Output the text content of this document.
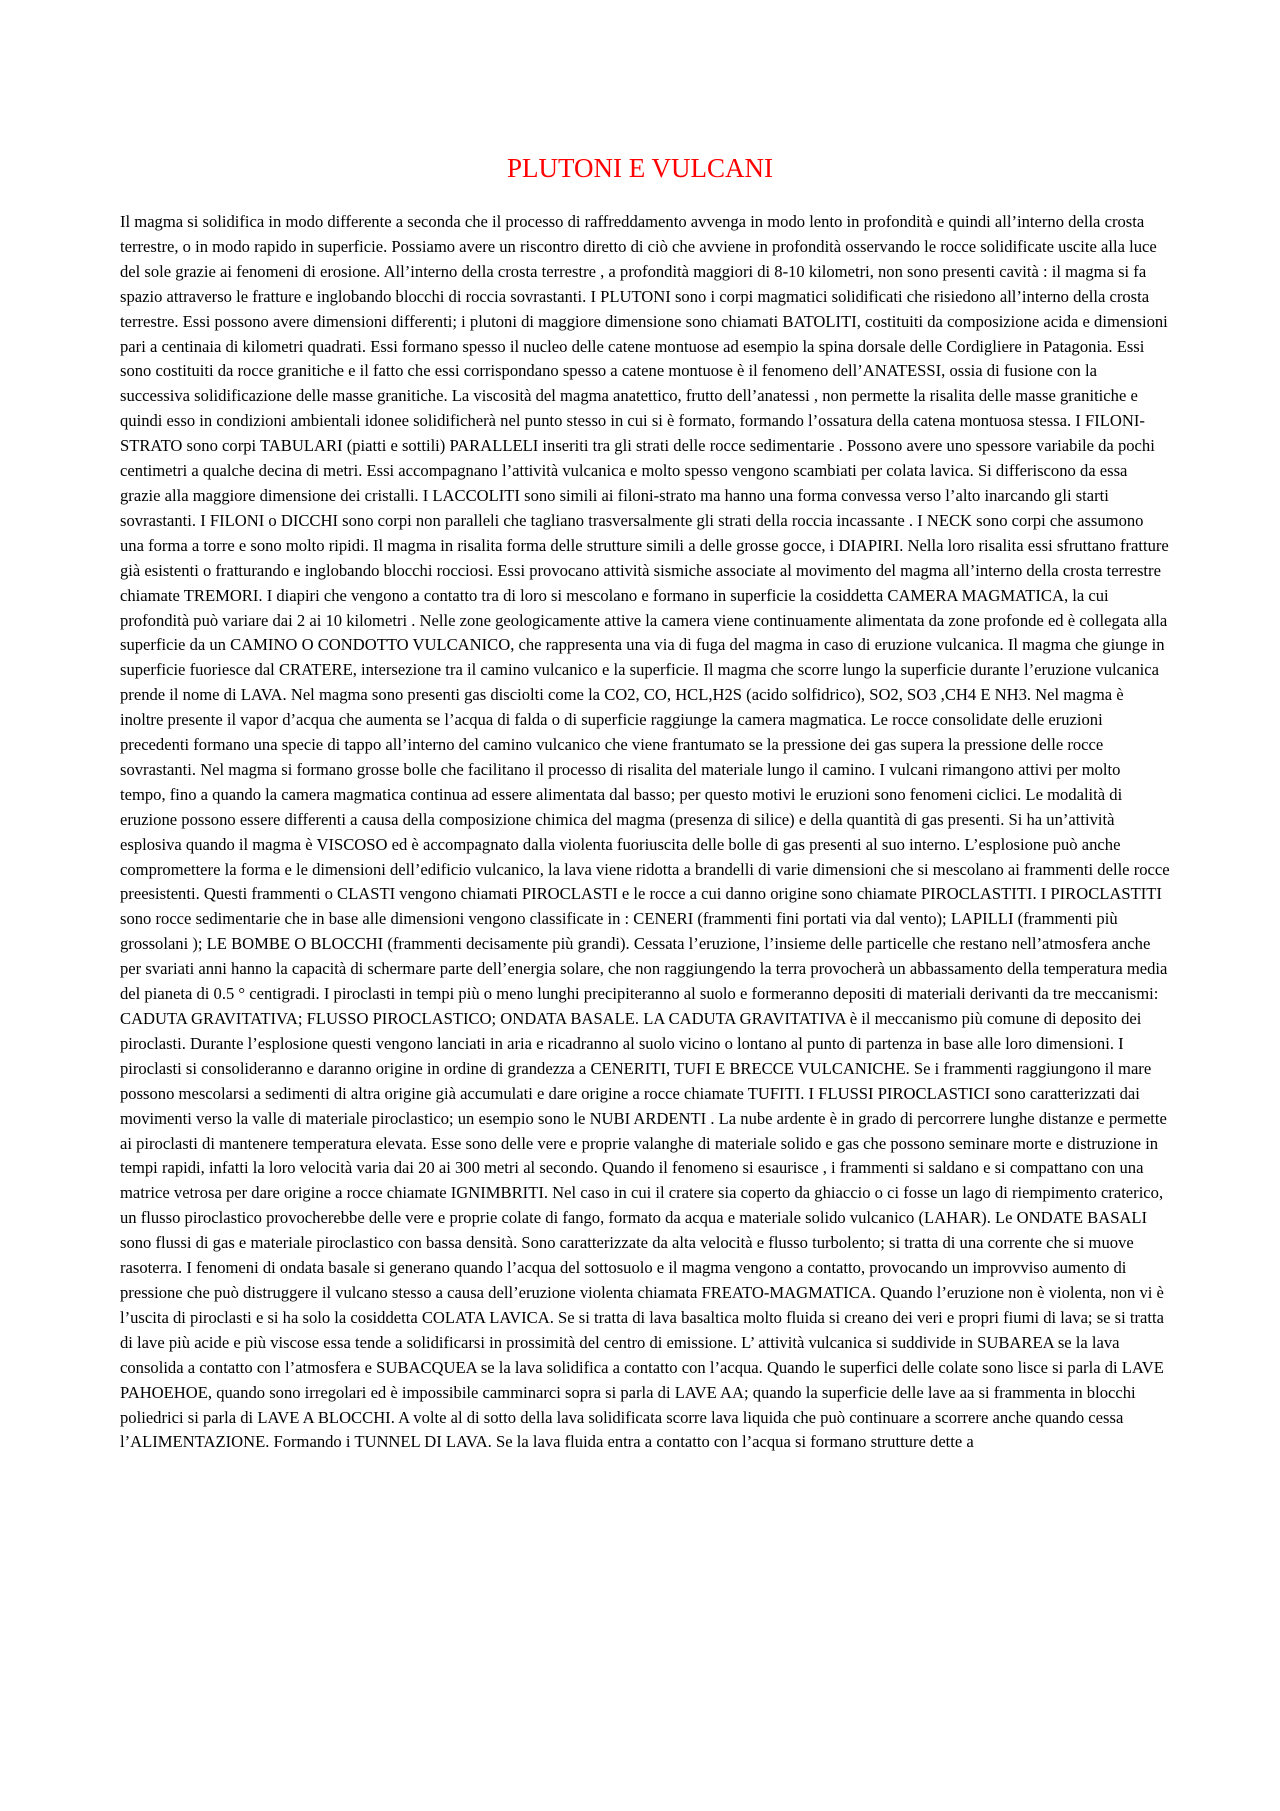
PLUTONI E VULCANI

Il magma si solidifica in modo differente a seconda che il processo di raffreddamento avvenga in modo lento in profondità e quindi all’interno della crosta terrestre, o in modo rapido in superficie. Possiamo avere un riscontro diretto di ciò che avviene in profondità osservando le rocce solidificate uscite alla luce del sole grazie ai fenomeni di erosione. All’interno della crosta terrestre , a profondità maggiori di 8-10 kilometri, non sono presenti cavità : il magma si fa spazio attraverso le fratture e inglobando blocchi di roccia sovrastanti. I PLUTONI sono i corpi magmatici solidificati che risiedono all’interno della crosta terrestre. Essi possono avere dimensioni differenti; i plutoni di maggiore dimensione sono chiamati BATOLITI, costituiti da composizione acida e dimensioni pari a centinaia di kilometri quadrati. Essi formano spesso il nucleo delle catene montuose ad esempio la spina dorsale delle Cordigliere in Patagonia. Essi sono costituiti da rocce granitiche e il fatto che essi corrispondano spesso a catene montuose è il fenomeno dell’ANATESSI, ossia di fusione con la successiva solidificazione delle masse granitiche. La viscosità del magma anatettico, frutto dell’anatessi , non permette la risalita delle masse granitiche e quindi esso in condizioni ambientali idonee solidificherà nel punto stesso in cui si è formato, formando l’ossatura della catena montuosa stessa. I FILONI-STRATO sono corpi TABULARI (piatti e sottili) PARALLELI inseriti tra gli strati delle rocce sedimentarie . Possono avere uno spessore variabile da pochi centimetri a qualche decina di metri. Essi accompagnano l’attività vulcanica e molto spesso vengono scambiati per colata lavica. Si differiscono da essa grazie alla maggiore dimensione dei cristalli. I LACCOLITI sono simili ai filoni-strato ma hanno una forma convessa verso l’alto inarcando gli starti sovrastanti. I FILONI o DICCHI sono corpi non paralleli che tagliano trasversalmente gli strati della roccia incassante . I NECK sono corpi che assumono una forma a torre e sono molto ripidi. Il magma in risalita forma delle strutture simili a delle grosse gocce, i DIAPIRI. Nella loro risalita essi sfruttano fratture già esistenti o fratturando e inglobando blocchi rocciosi. Essi provocano attività sismiche associate al movimento del magma all’interno della crosta terrestre chiamate TREMORI. I diapiri che vengono a contatto tra di loro si mescolano e formano in superficie la cosiddetta CAMERA MAGMATICA, la cui profondità può variare dai 2 ai 10 kilometri . Nelle zone geologicamente attive la camera viene continuamente alimentata da zone profonde ed è collegata alla superficie da un CAMINO O CONDOTTO VULCANICO, che rappresenta una via di fuga del magma in caso di eruzione vulcanica. Il magma che giunge in superficie fuoriesce dal CRATERE, intersezione tra il camino vulcanico e la superficie. Il magma che scorre lungo la superficie durante l’eruzione vulcanica prende il nome di LAVA. Nel magma sono presenti gas disciolti come la CO2, CO, HCL,H2S (acido solfidrico), SO2, SO3 ,CH4 E NH3. Nel magma è inoltre presente il vapor d’acqua che aumenta se l’acqua di falda o di superficie raggiunge la camera magmatica. Le rocce consolidate delle eruzioni precedenti formano una specie di tappo all’interno del camino vulcanico che viene frantumato se la pressione dei gas supera la pressione delle rocce sovrastanti. Nel magma si formano grosse bolle che facilitano il processo di risalita del materiale lungo il camino. I vulcani rimangono attivi per molto tempo, fino a quando la camera magmatica continua ad essere alimentata dal basso; per questo motivi le eruzioni sono fenomeni ciclici. Le modalità di eruzione possono essere differenti a causa della composizione chimica del magma (presenza di silice) e della quantità di gas presenti. Si ha un’attività esplosiva quando il magma è VISCOSO ed è accompagnato dalla violenta fuoriuscita delle bolle di gas presenti al suo interno. L’esplosione può anche compromettere la forma e le dimensioni dell’edificio vulcanico, la lava viene ridotta a brandelli di varie dimensioni che si mescolano ai frammenti delle rocce preesistenti. Questi frammenti o CLASTI vengono chiamati PIROCLASTI e le rocce a cui danno origine sono chiamate PIROCLASTITI. I PIROCLASTITI sono rocce sedimentarie che in base alle dimensioni vengono classificate in : CENERI (frammenti fini portati via dal vento); LAPILLI (frammenti più grossolani ); LE BOMBE O BLOCCHI (frammenti decisamente più grandi). Cessata l’eruzione, l’insieme delle particelle che restano nell’atmosfera anche per svariati anni hanno la capacità di schermare parte dell’energia solare, che non raggiungendo la terra provocherà un abbassamento della temperatura media del pianeta di 0.5 ° centigradi. I piroclasti in tempi più o meno lunghi precipiteranno al suolo e formeranno depositi di materiali derivanti da tre meccanismi: CADUTA GRAVITATIVA; FLUSSO PIROCLASTICO; ONDATA BASALE. LA CADUTA GRAVITATIVA è il meccanismo più comune di deposito dei piroclasti. Durante l’esplosione questi vengono lanciati in aria e ricadranno al suolo vicino o lontano al punto di partenza in base alle loro dimensioni. I piroclasti si consolideranno e daranno origine in ordine di grandezza a CENERITI, TUFI E BRECCE VULCANICHE. Se i frammenti raggiungono il mare possono mescolarsi a sedimenti di altra origine già accumulati e dare origine a rocce chiamate TUFITI. I FLUSSI PIROCLASTICI sono caratterizzati dai movimenti verso la valle di materiale piroclastico; un esempio sono le NUBI ARDENTI . La nube ardente è in grado di percorrere lunghe distanze e permette ai piroclasti di mantenere temperatura elevata. Esse sono delle vere e proprie valanghe di materiale solido e gas che possono seminare morte e distruzione in tempi rapidi, infatti la loro velocità varia dai 20 ai 300 metri al secondo. Quando il fenomeno si esaurisce , i frammenti si saldano e si compattano con una matrice vetrosa per dare origine a rocce chiamate IGNIMBRITI. Nel caso in cui il cratere sia coperto da ghiaccio o ci fosse un lago di riempimento craterico, un flusso piroclastico provocherebbe delle vere e proprie colate di fango, formato da acqua e materiale solido vulcanico (LAHAR). Le ONDATE BASALI sono flussi di gas e materiale piroclastico con bassa densità. Sono caratterizzate da alta velocità e flusso turbolento; si tratta di una corrente che si muove rasoterra. I fenomeni di ondata basale si generano quando l’acqua del sottosuolo e il magma vengono a contatto, provocando un improvviso aumento di pressione che può distruggere il vulcano stesso a causa dell’eruzione violenta chiamata FREATO-MAGMATICA. Quando l’eruzione non è violenta, non vi è l’uscita di piroclasti e si ha solo la cosiddetta COLATA LAVICA. Se si tratta di lava basaltica molto fluida si creano dei veri e propri fiumi di lava; se si tratta di lave più acide e più viscose essa tende a solidificarsi in prossimità del centro di emissione. L’ attività vulcanica si suddivide in SUBAREA se la lava consolida a contatto con l’atmosfera e SUBACQUEA se la lava solidifica a contatto con l’acqua. Quando le superfici delle colate sono lisce si parla di LAVE PAHOEHOE, quando sono irregolari ed è impossibile camminarci sopra si parla di LAVE AA; quando la superficie delle lave aa si frammenta in blocchi poliedrici si parla di LAVE A BLOCCHI. A volte al di sotto della lava solidificata scorre lava liquida che può continuare a scorrere anche quando cessa l’ALIMENTAZIONE. Formando i TUNNEL DI LAVA. Se la lava fluida entra a contatto con l’acqua si formano strutture dette a
